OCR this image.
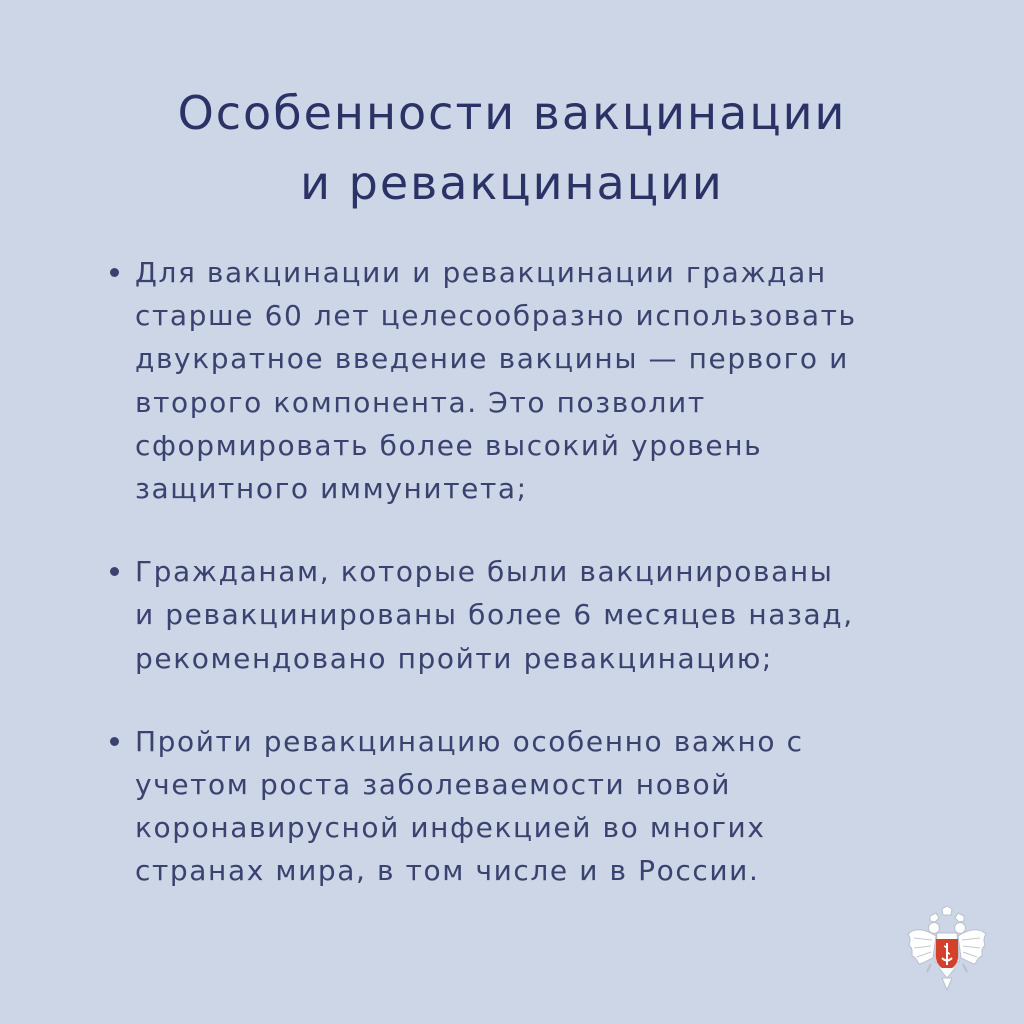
Особенности вакцинации
и ревакцинации
Для вакцинации и ревакцинации граждан
старше 60 лет целесообразно использовать
двукратное введение вакцины — первого и
второго компонента. Это позволит
сформировать более высокий уровень
защитного иммунитета;
Гражданам, которые были вакцинированы
и ревакцинированы более 6 месяцев назад,
рекомендовано пройти ревакцинацию;
Пройти ревакцинацию особенно важно с
учетом роста заболеваемости новой
коронавирусной инфекцией во многих
странах мира, в том числе и в России.
